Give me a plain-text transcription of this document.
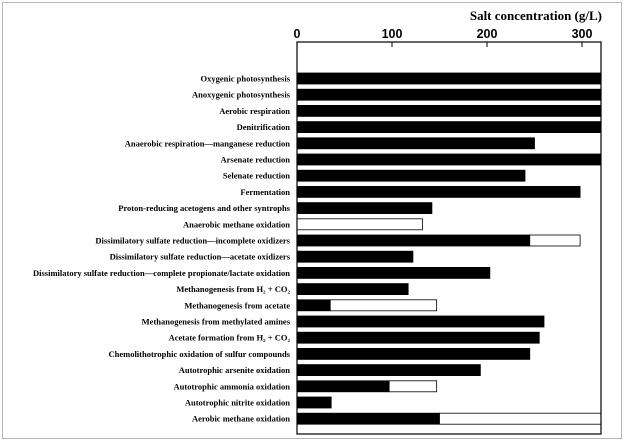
Salt concentration (g/L)
0	100	200	300
Oxygenic photosynthesis
Anoxygenic photosynthesis
Aerobic respiration
Denitrification
Anaerobic respiration—manganese reduction
Arsenate reduction
Selenate reduction
Fermentation
Proton-reducing acetogens and other syntrophs
Anaerobic methane oxidation
Dissimilatory sulfate reduction—incomplete oxidizers
Dissimilatory sulfate reduction—acetate oxidizers
Dissimilatory sulfate reduction—complete propionate/lactate oxidation
Methanogenesis from H₂ + CO₂
Methanogenesis from acetate
Methanogenesis from methylated amines
Acetate formation from H₂ + CO₂
Chemolithotrophic oxidation of sulfur compounds
Autotrophic arsenite oxidation
Autotrophic ammonia oxidation
Autotrophic nitrite oxidation
Aerobic methane oxidation
